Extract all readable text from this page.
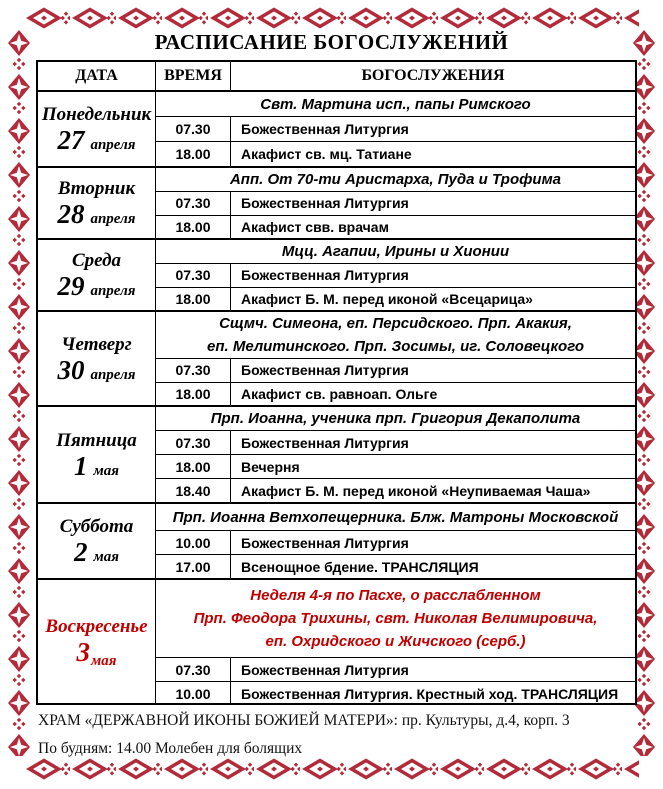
РАСПИСАНИЕ БОГОСЛУЖЕНИЙ
ДАТА	ВРЕМЯ	БОГОСЛУЖЕНИЯ
Понедельник
27 апреля
Свт. Мартина исп., папы Римского
07.30	Божественная Литургия
18.00	Акафист св. мц. Татиане
Вторник
28 апреля
Апп. От 70-ти Аристарха, Пуда и Трофима
07.30	Божественная Литургия
18.00	Акафист свв. врачам
Среда
29 апреля
Мцц. Агапии, Ирины и Хионии
07.30	Божественная Литургия
18.00	Акафист Б. М. перед иконой «Всецарица»
Четверг
30 апреля
Сщмч. Симеона, еп. Персидского. Прп. Акакия,
еп. Мелитинского. Прп. Зосимы, иг. Соловецкого
07.30	Божественная Литургия
18.00	Акафист св. равноап. Ольге
Пятница
1 мая
Прп. Иоанна, ученика прп. Григория Декаполита
07.30	Божественная Литургия
18.00	Вечерня
18.40	Акафист Б. М. перед иконой «Неупиваемая Чаша»
Суббота
2 мая
Прп. Иоанна Ветхопещерника. Блж. Матроны Московской
10.00	Божественная Литургия
17.00	Всенощное бдение. ТРАНСЛЯЦИЯ
Воскресенье
3мая
Неделя 4-я по Пасхе, о расслабленном
Прп. Феодора Трихины, свт. Николая Велимировича,
еп. Охридского и Жичского (серб.)
07.30	Божественная Литургия
10.00	Божественная Литургия. Крестный ход. ТРАНСЛЯЦИЯ
ХРАМ «ДЕРЖАВНОЙ ИКОНЫ БОЖИЕЙ МАТЕРИ»: пр. Культуры, д.4, корп. 3
По будням: 14.00 Молебен для болящих
